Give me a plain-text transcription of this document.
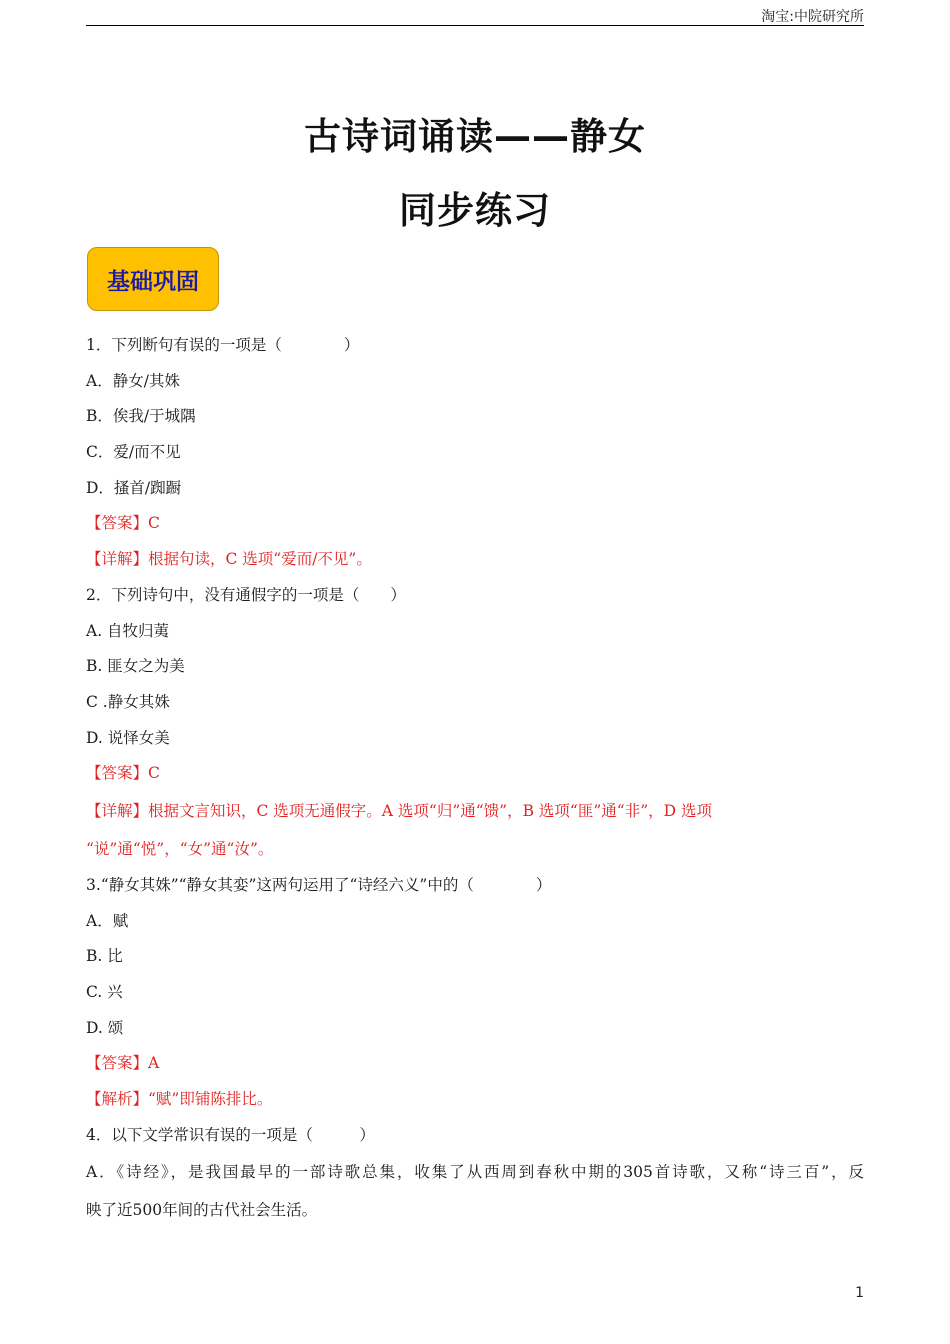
淘宝:中院研究所
古诗词诵读——静女
同步练习
基础巩固
1．下列断句有误的一项是（　　　　）
A．静女/其姝
B．俟我/于城隅
C．爱/而不见
D．搔首/踟蹰
【答案】C
【详解】根据句读，C 选项“爱而/不见”。
2．下列诗句中，没有通假字的一项是（　　）
A. 自牧归荑
B. 匪女之为美
C .静女其姝
D. 说怿女美
【答案】C
【详解】根据文言知识，C 选项无通假字。A 选项“归”通“馈”，B 选项“匪”通“非”，D 选项
“说”通“悦”，“女”通“汝”。
3.“静女其姝”“静女其娈”这两句运用了“诗经六义”中的（　　　　）
A．赋
B. 比
C. 兴
D. 颂
【答案】A
【解析】“赋”即铺陈排比。
4．以下文学常识有误的一项是（　　　）
A．《诗经》，是我国最早的一部诗歌总集，收集了从西周到春秋中期的305首诗歌，又称“诗三百”，反
映了近500年间的古代社会生活。
1
